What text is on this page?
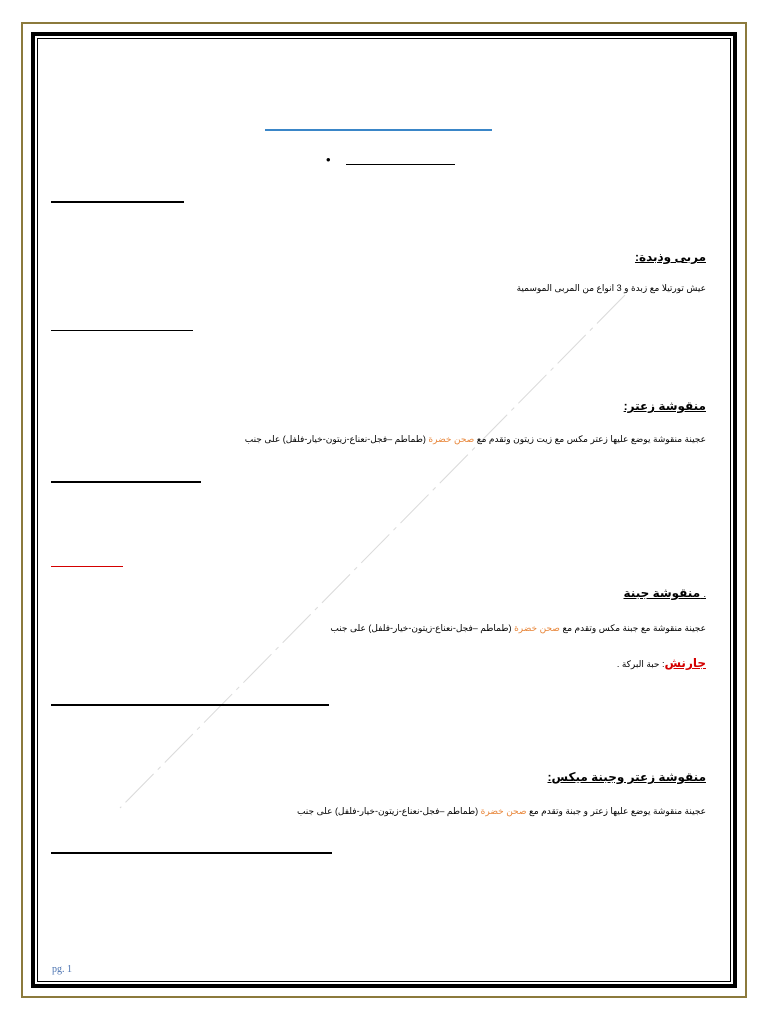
•
مربى وذبدة:
عيش تورتيلا مع زبدة و 3 انواع من المربى الموسمية
منقوشة زعتر:
عجينة منقوشة يوضع عليها زعتر مكس مع زيت زيتون وتقدم مع صحن خضرة (طماطم –فجل-نعناع-زيتون-خيار-فلفل) على جنب
. منقوشة جبنة
عجينة منقوشة مع جبنة مكس وتقدم مع صحن خضرة (طماطم –فجل-نعناع-زيتون-خيار-فلفل) على جنب
جارنش: حبة البركة .
منقوشة زعتر وجبنة ميكس:
عجينة منقوشة يوضع عليها زعتر و جبنة وتقدم مع صحن خضرة (طماطم –فجل-نعناع-زيتون-خيار-فلفل) على جنب
pg. 1
